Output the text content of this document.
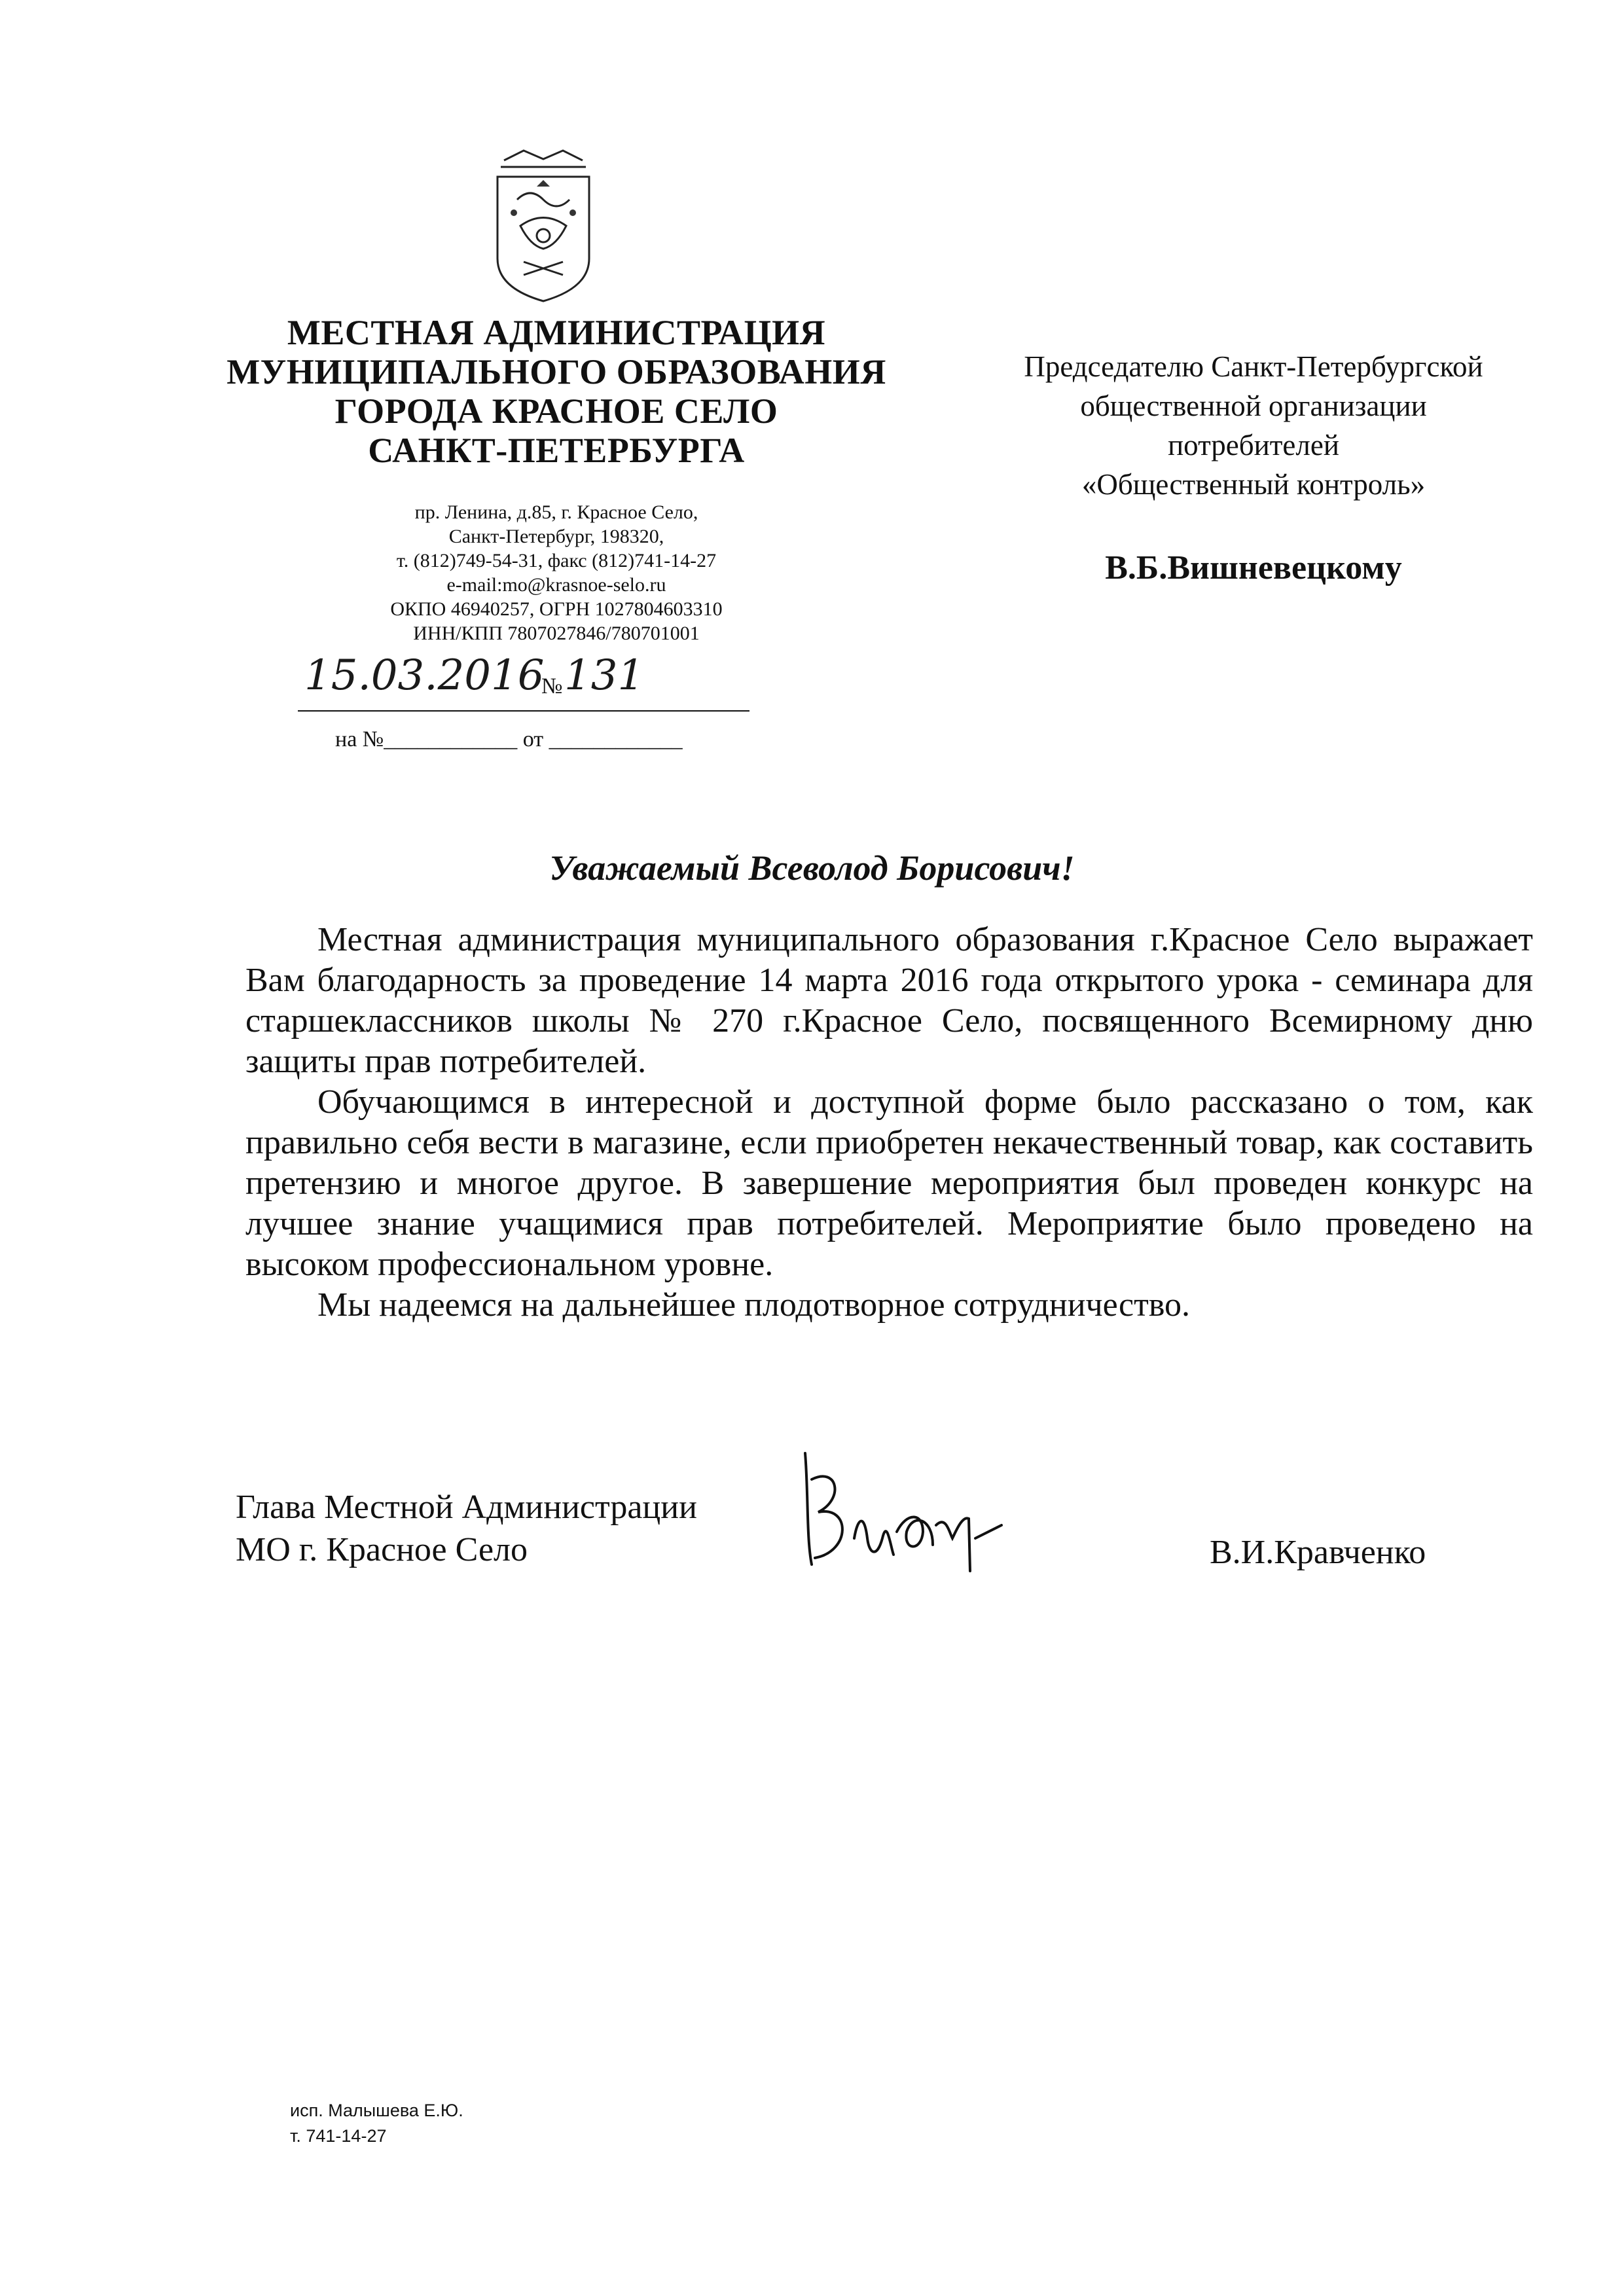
МЕСТНАЯ АДМИНИСТРАЦИЯ
МУНИЦИПАЛЬНОГО ОБРАЗОВАНИЯ
ГОРОДА КРАСНОЕ СЕЛО
САНКТ-ПЕТЕРБУРГА
пр. Ленина, д.85, г. Красное Село,
Санкт-Петербург, 198320,
т. (812)749-54-31, факс (812)741-14-27
e-mail:mo@krasnoe-selo.ru
ОКПО 46940257, ОГРН 1027804603310
ИНН/КПП 7807027846/780701001
15.03.2016
№ 131
на №____________ от ____________
Председателю Санкт-Петербургской
общественной организации
потребителей
«Общественный контроль»
В.Б.Вишневецкому
Уважаемый Всеволод Борисович!

Местная администрация муниципального образования г.Красное Село выражает Вам благодарность за проведение 14 марта 2016 года открытого урока - семинара для старшеклассников школы № 270 г.Красное Село, посвященного Всемирному дню защиты прав потребителей.

Обучающимся в интересной и доступной форме было рассказано о том, как правильно себя вести в магазине, если приобретен некачественный товар, как составить претензию и многое другое. В завершение мероприятия был проведен конкурс на лучшее знание учащимися прав потребителей. Мероприятие было проведено на высоком профессиональном уровне.

Мы надеемся на дальнейшее плодотворное сотрудничество.

Глава Местной Администрации
МО г. Красное Село	В.И.Кравченко
исп. Малышева Е.Ю.
т. 741-14-27
